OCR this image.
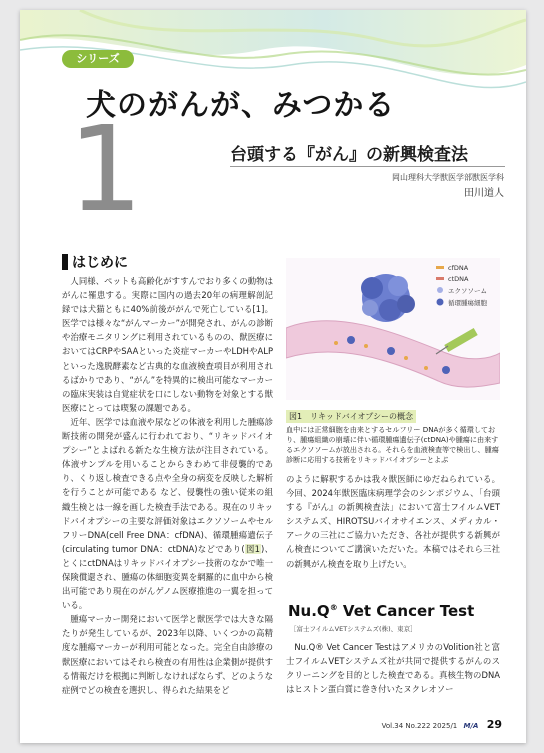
シリーズ
犬のがんが、みつかる
1	台頭する『がん』の新興検査法
岡山理科大学獣医学部獣医学科
田川道人
はじめに

人同様、ペットも高齢化がすすんでおり多くの動物はがんに罹患する。実際に国内の過去20年の病理解剖記録では犬猫ともに40%前後ががんで死亡している[1]。医学では様々な“がんマーカー”が開発され、がんの診断や治療モニタリングに利用されているものの、獣医療においてはCRPやSAAといった炎症マーカーやLDHやALPといった逸脱酵素など古典的な血液検査項目が利用されるばかりであり、“がん”を特異的に検出可能なマーカーの臨床実装は自覚症状を口にしない動物を対象とする獣医療にとっては喫緊の課題である。

近年、医学では血液や尿などの体液を利用した腫瘍診断技術の開発が盛んに行われており、“リキッドバイオプシー”とよばれる新たな生検方法が注目されている。体液サンプルを用いることからきわめて非侵襲的であり、くり返し検査できる点や全身の病変を反映した解析を行うことが可能である など、侵襲性の強い従来の組織生検とは一線を画した検査手法である。現在のリキッドバイオプシーの主要な評価対象はエクソソームやセルフリーDNA(cell Free DNA：cfDNA)、循環腫瘍遺伝子(circulating tumor DNA：ctDNA)などであり(図1)、とくにctDNAはリキッドバイオプシー技術のなかで唯一保険償還され、腫瘍の体細胞変異を網羅的に血中から検出可能であり現在のがんゲノム医療推進の一翼を担っている。

腫瘍マーカー開発において医学と獣医学では大きな隔たりが発生しているが、2023年以降、いくつかの高精度な腫瘍マーカーが利用可能となった。完全自由診療の獣医療においてはそれら検査の有用性は企業側が提供する情報だけを根拠に判断しなければならず、どのような症例でどの検査を選択し、得られた結果をど

cfDNA
ctDNA
エクソソーム
循環腫瘍細胞
図1　リキッドバイオプシーの概念
血中には正常細胞を由来とするセルフリー DNAが多く循環しており、腫瘍組織の崩壊に伴い循環腫瘍遺伝子(ctDNA)や腫瘍に由来するエクソソームが放出される。それらを血液検査等で検出し、腫瘍診断に応用する技術をリキッドバイオプシーとよぶ

のように解釈するかは我々獣医師にゆだねられている。今回、2024年獣医臨床病理学会のシンポジウム、「台頭する『がん』の新興検査法」において富士フイルムVETシステムズ、HIROTSUバイオサイエンス、メディカル・アークの三社にご協力いただき、各社が提供する新興がん検査についてご講演いただいた。本稿ではそれら三社の新興がん検査を取り上げたい。

Nu.Q® Vet Cancer Test
［富士フイルムVETシステムズ(株)、東京］

Nu.Q® Vet Cancer TestはアメリカのVolition社と富士フイルムVETシステムズ社が共同で提供するがんのスクリーニングを目的とした検査である。真核生物のDNAはヒストン蛋白質に巻き付いたヌクレオソー

Vol.34 No.222 2025/1 M/A 29
